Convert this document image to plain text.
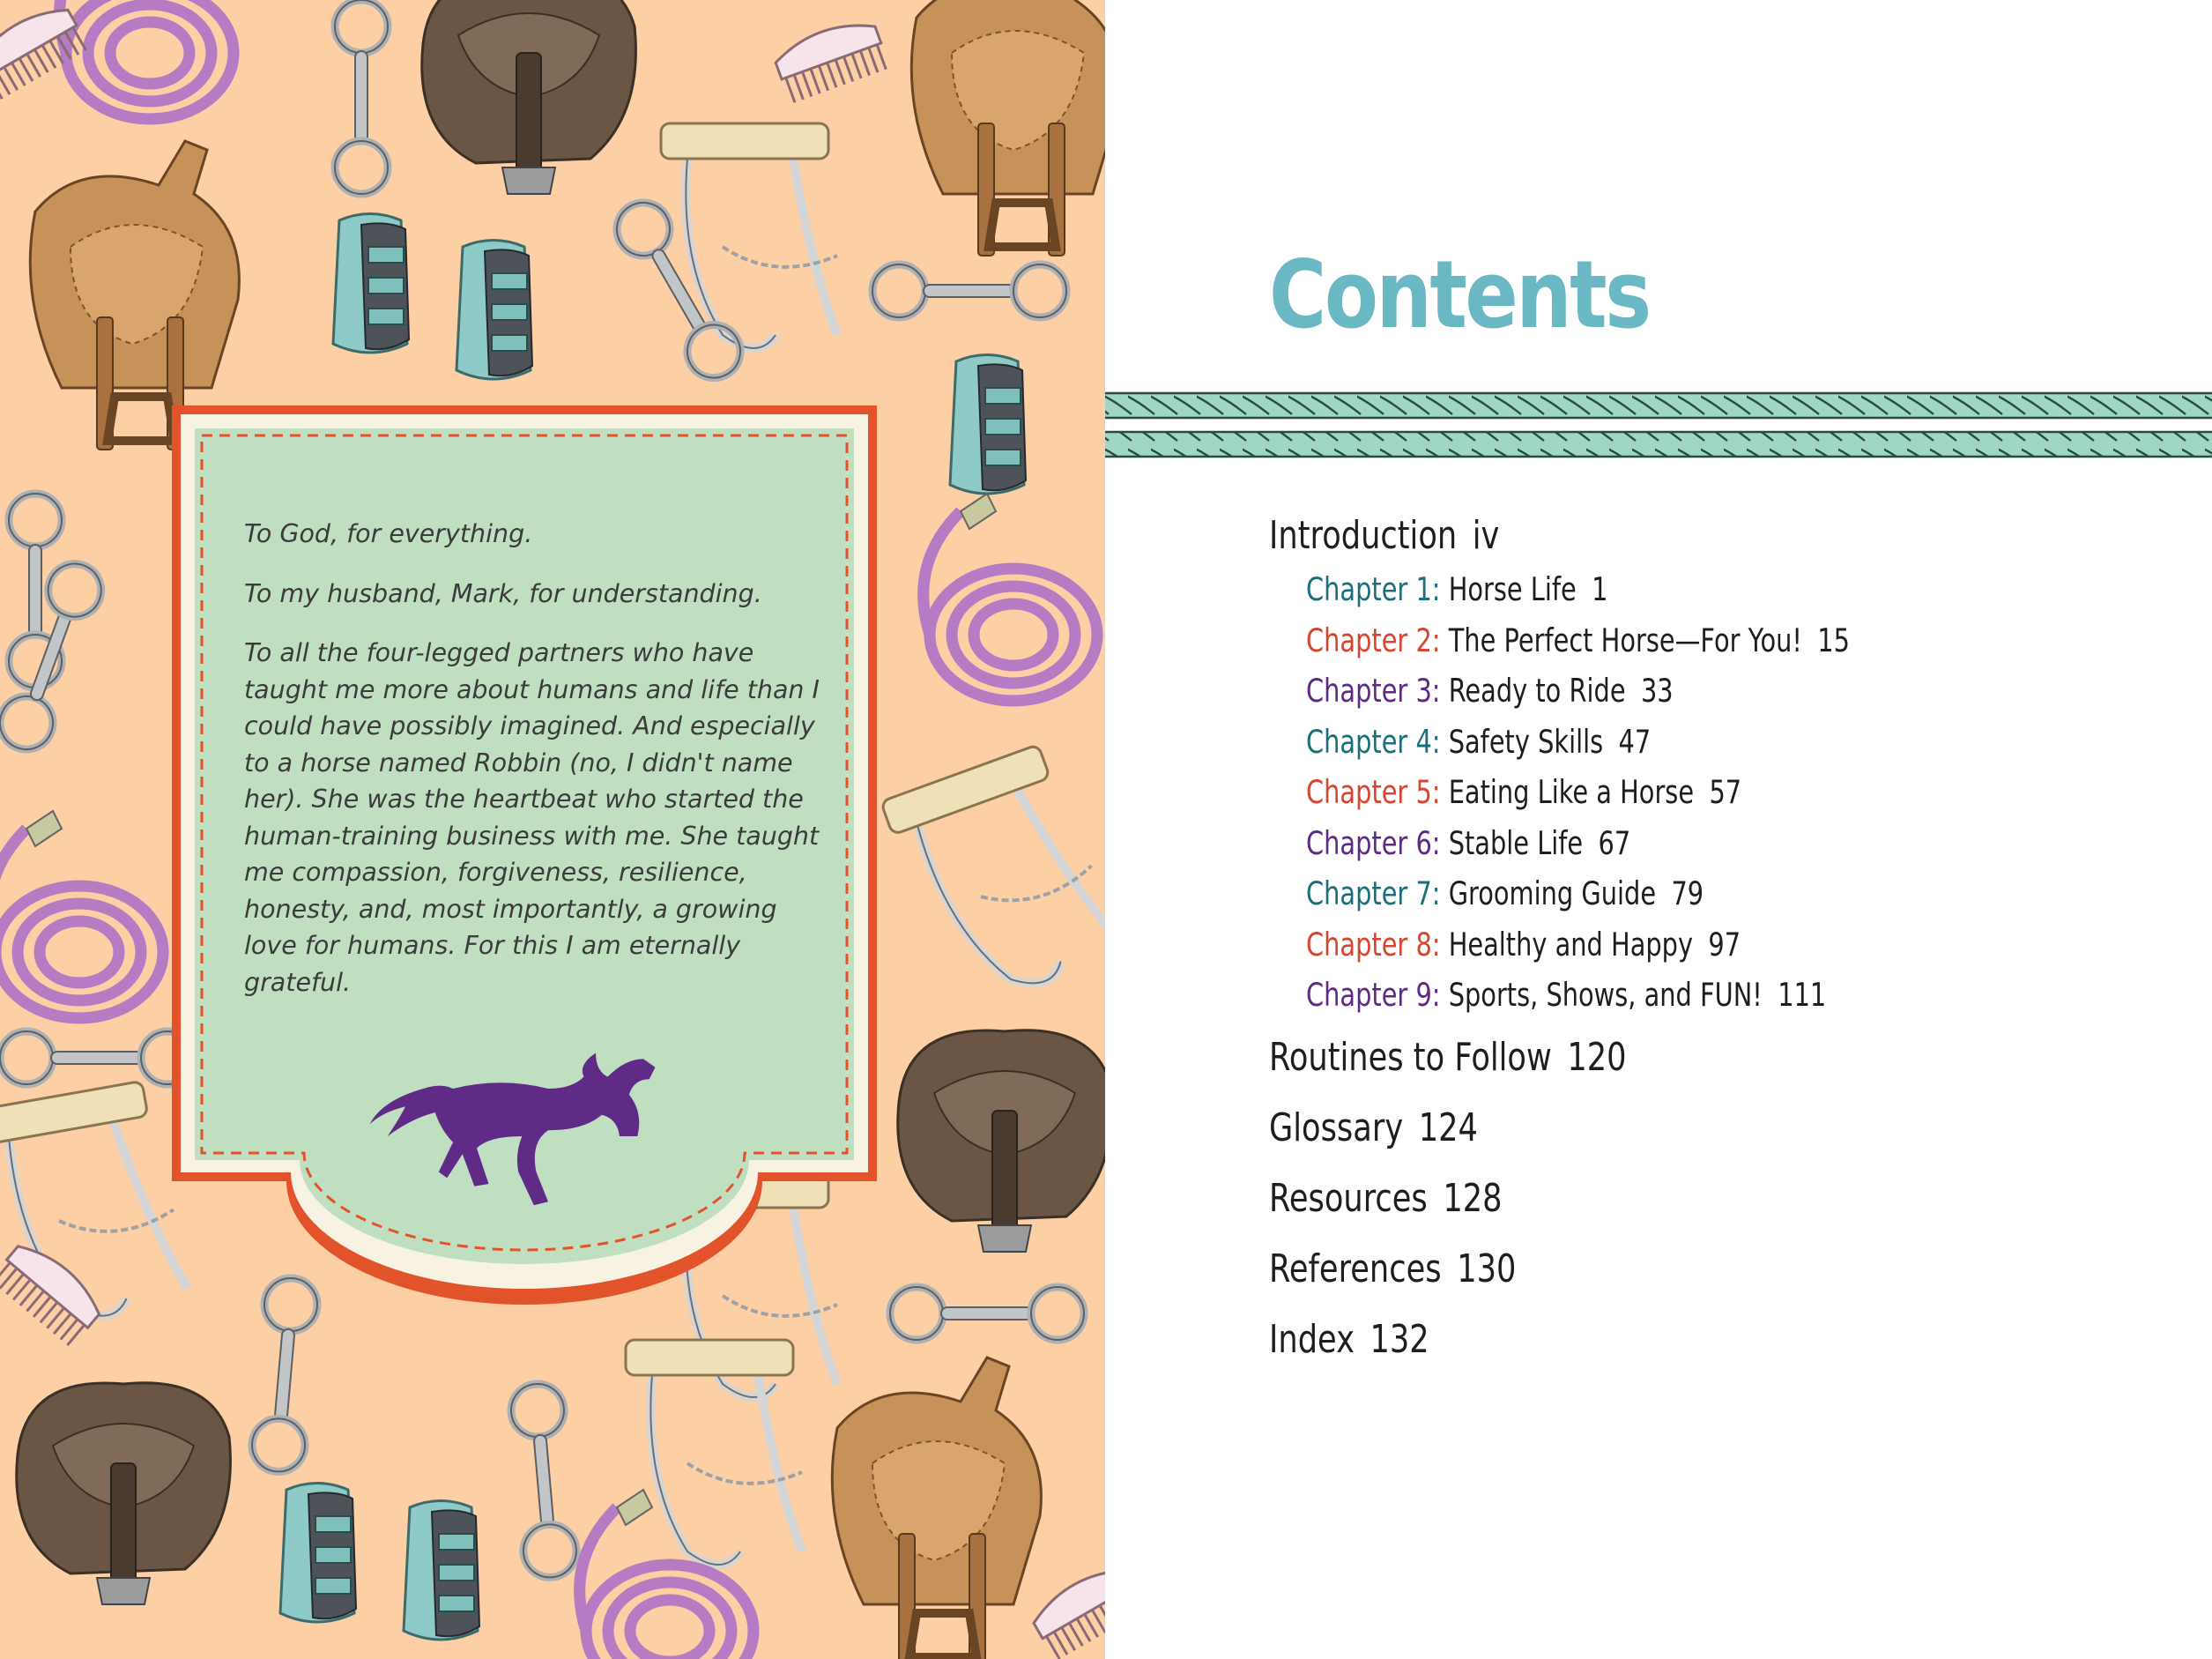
To God, for everything.

To my husband, Mark, for understanding.

To all the four-legged partners who have taught me more about humans and life than I could have possibly imagined. And especially to a horse named Robbin (no, I didn't name her). She was the heartbeat who started the human-training business with me. She taught me compassion, forgiveness, resilience, honesty, and, most importantly, a growing love for humans. For this I am eternally grateful.

Contents
Introduction iv
Chapter 1: Horse Life 1
Chapter 2: The Perfect Horse—For You! 15
Chapter 3: Ready to Ride 33
Chapter 4: Safety Skills 47
Chapter 5: Eating Like a Horse 57
Chapter 6: Stable Life 67
Chapter 7: Grooming Guide 79
Chapter 8: Healthy and Happy 97
Chapter 9: Sports, Shows, and FUN! 111
Routines to Follow 120
Glossary 124
Resources 128
References 130
Index 132
